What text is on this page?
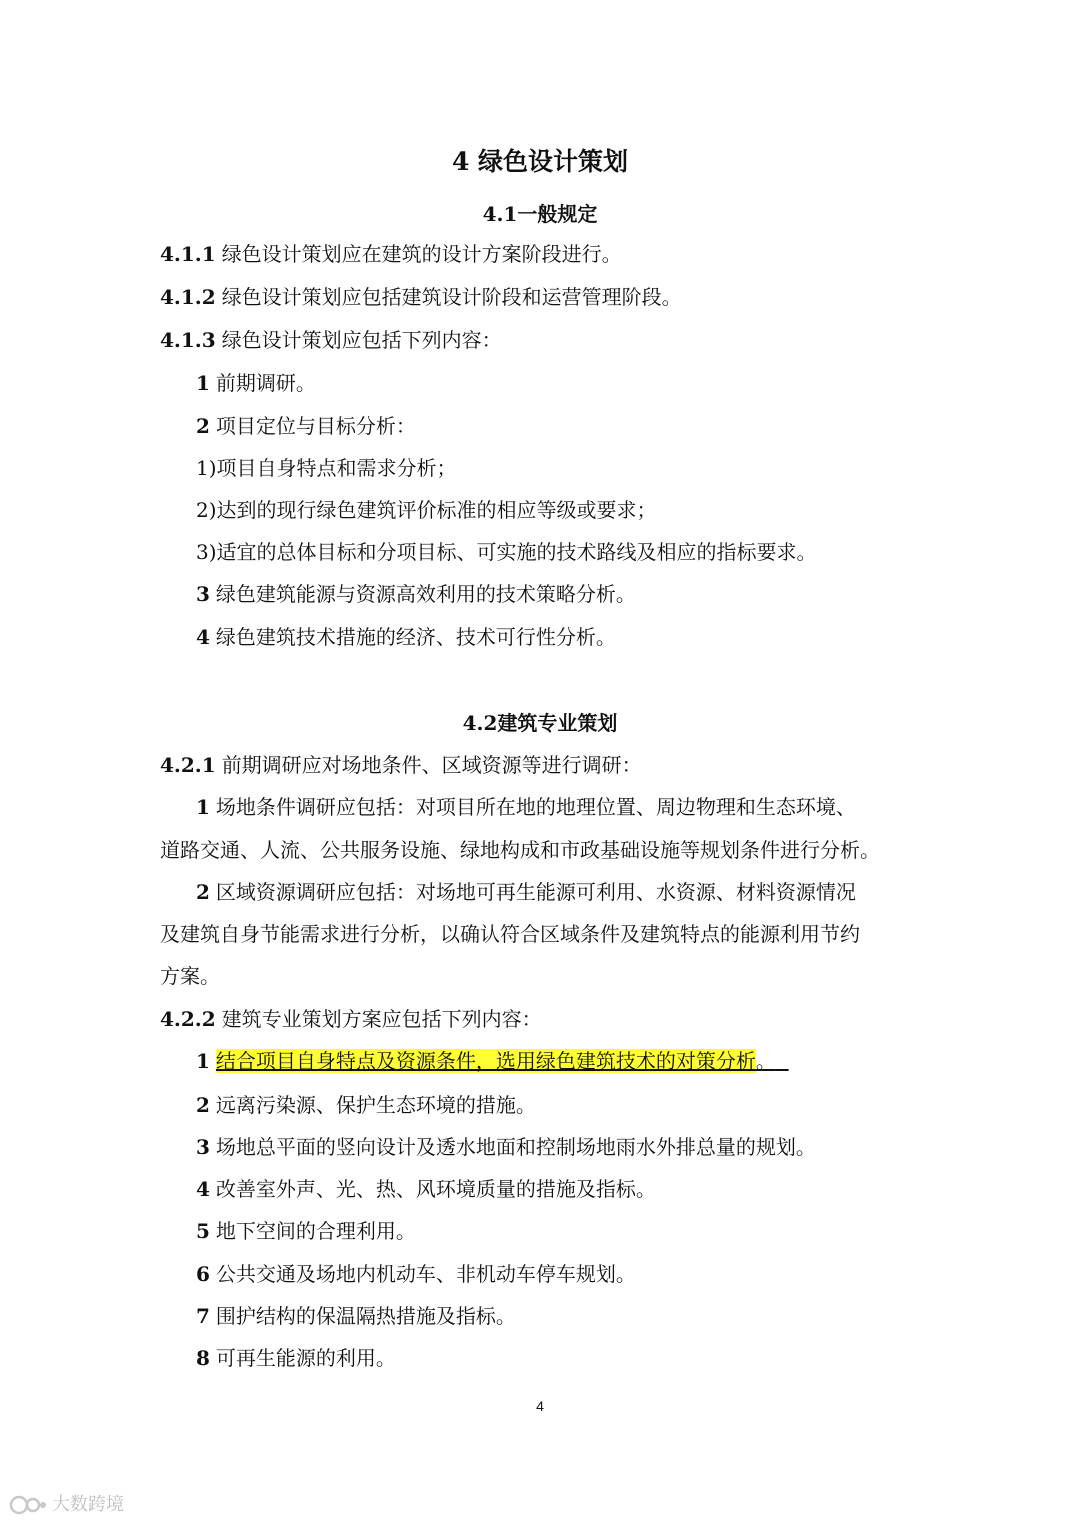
4 绿色设计策划
4.1一般规定
4.1.1 绿色设计策划应在建筑的设计方案阶段进行。
4.1.2 绿色设计策划应包括建筑设计阶段和运营管理阶段。
4.1.3 绿色设计策划应包括下列内容：
1 前期调研。
2 项目定位与目标分析：
1)项目自身特点和需求分析；
2)达到的现行绿色建筑评价标准的相应等级或要求；
3)适宜的总体目标和分项目标、可实施的技术路线及相应的指标要求。
3 绿色建筑能源与资源高效利用的技术策略分析。
4 绿色建筑技术措施的经济、技术可行性分析。
4.2建筑专业策划
4.2.1 前期调研应对场地条件、区域资源等进行调研：
1 场地条件调研应包括：对项目所在地的地理位置、周边物理和生态环境、
道路交通、人流、公共服务设施、绿地构成和市政基础设施等规划条件进行分析。
2 区域资源调研应包括：对场地可再生能源可利用、水资源、材料资源情况
及建筑自身节能需求进行分析，以确认符合区域条件及建筑特点的能源利用节约
方案。
4.2.2 建筑专业策划方案应包括下列内容：
1 结合项目自身特点及资源条件，选用绿色建筑技术的对策分析。
2 远离污染源、保护生态环境的措施。
3 场地总平面的竖向设计及透水地面和控制场地雨水外排总量的规划。
4 改善室外声、光、热、风环境质量的措施及指标。
5 地下空间的合理利用。
6 公共交通及场地内机动车、非机动车停车规划。
7 围护结构的保温隔热措施及指标。
8 可再生能源的利用。
4
大数跨境
